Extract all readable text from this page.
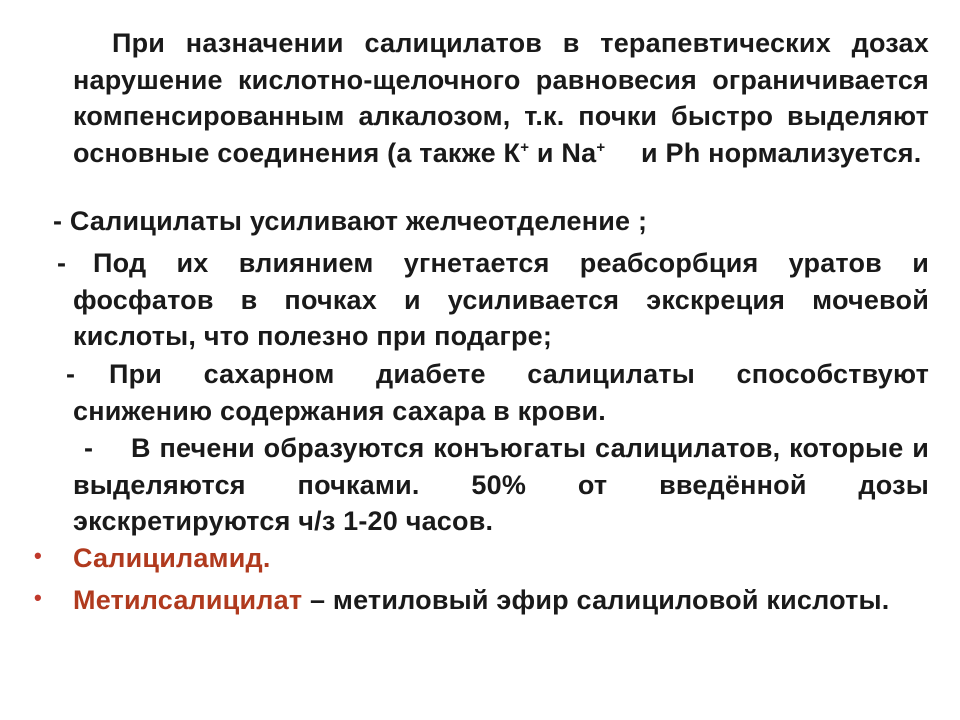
При назначении салицилатов в терапевтических дозах нарушение кислотно-щелочного равновесия ограничивается компенсированным алкалозом, т.к. почки быстро выделяют основные соединения (а также К+ и Na+ и Ph нормализуется.
- Салицилаты усиливают желчеотделение ;
- Под их влиянием угнетается реабсорбция уратов и фосфатов в почках и усиливается экскреция мочевой кислоты, что полезно при подагре;
- При сахарном диабете салицилаты способствуют снижению содержания сахара в крови.
- В печени образуются конъюгаты салицилатов, которые и выделяются почками. 50% от введённой дозы экскретируются ч/з 1-20 часов.
• Салициламид.
• Метилсалицилат – метиловый эфир салициловой кислоты.
